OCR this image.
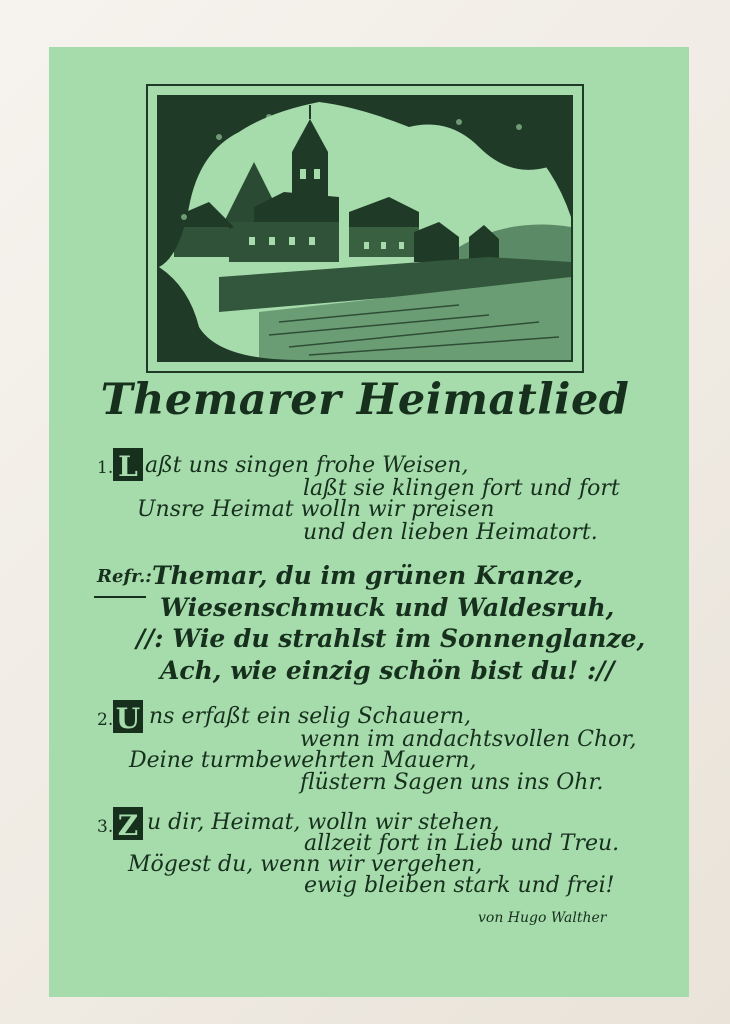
Themarer Heimatlied
1. L aßt uns singen frohe Weisen,
laßt sie klingen fort und fort
Unsre Heimat wolln wir preisen
und den lieben Heimatort.
Refr.: Themar, du im grünen Kranze,
Wiesenschmuck und Waldesruh,
//: Wie du strahlst im Sonnenglanze,
Ach, wie einzig schön bist du! ://
2. U ns erfaßt ein selig Schauern,
wenn im andachtsvollen Chor,
Deine turmbewehrten Mauern,
flüstern Sagen uns ins Ohr.
3. Z u dir, Heimat, wolln wir stehen,
allzeit fort in Lieb und Treu.
Mögest du, wenn wir vergehen,
ewig bleiben stark und frei!
von Hugo Walther
